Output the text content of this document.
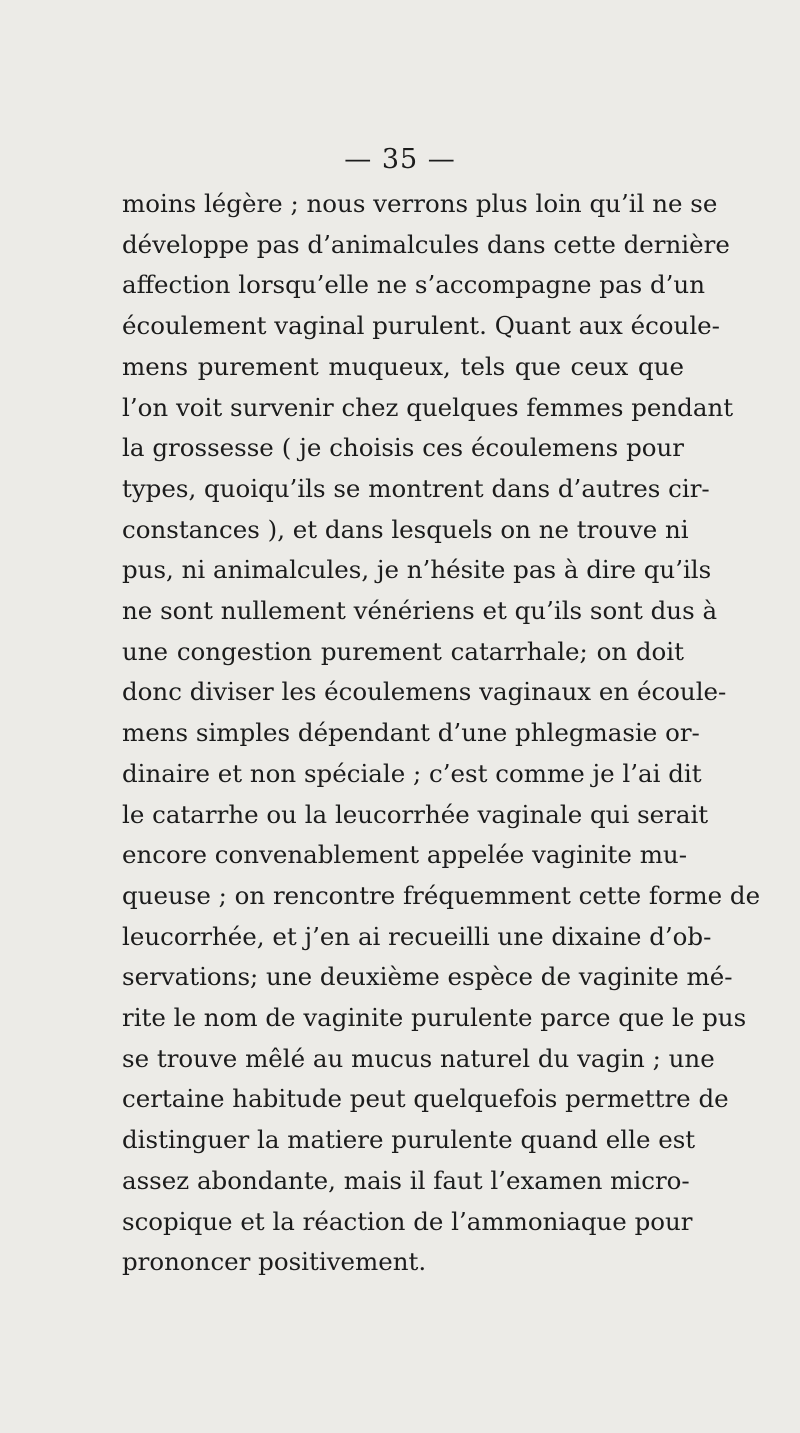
— 35 —
moins légère ; nous verrons plus loin qu’il ne se
développe pas d’animalcules dans cette dernière
affection lorsqu’elle ne s’accompagne pas d’un
écoulement vaginal purulent. Quant aux écoule-
mens purement muqueux, tels que ceux que
l’on voit survenir chez quelques femmes pendant
la grossesse ( je choisis ces écoulemens pour
types, quoiqu’ils se montrent dans d’autres cir-
constances ), et dans lesquels on ne trouve ni
pus, ni animalcules, je n’hésite pas à dire qu’ils
ne sont nullement vénériens et qu’ils sont dus à
une congestion purement catarrhale; on doit
donc diviser les écoulemens vaginaux en écoule-
mens simples dépendant d’une phlegmasie or-
dinaire et non spéciale ; c’est comme je l’ai dit
le catarrhe ou la leucorrhée vaginale qui serait
encore convenablement appelée vaginite mu-
queuse ; on rencontre fréquemment cette forme de
leucorrhée, et j’en ai recueilli une dixaine d’ob-
servations; une deuxième espèce de vaginite mé-
rite le nom de vaginite purulente parce que le pus
se trouve mêlé au mucus naturel du vagin ; une
certaine habitude peut quelquefois permettre de
distinguer la matiere purulente quand elle est
assez abondante, mais il faut l’examen micro-
scopique et la réaction de l’ammoniaque pour
prononcer positivement.
